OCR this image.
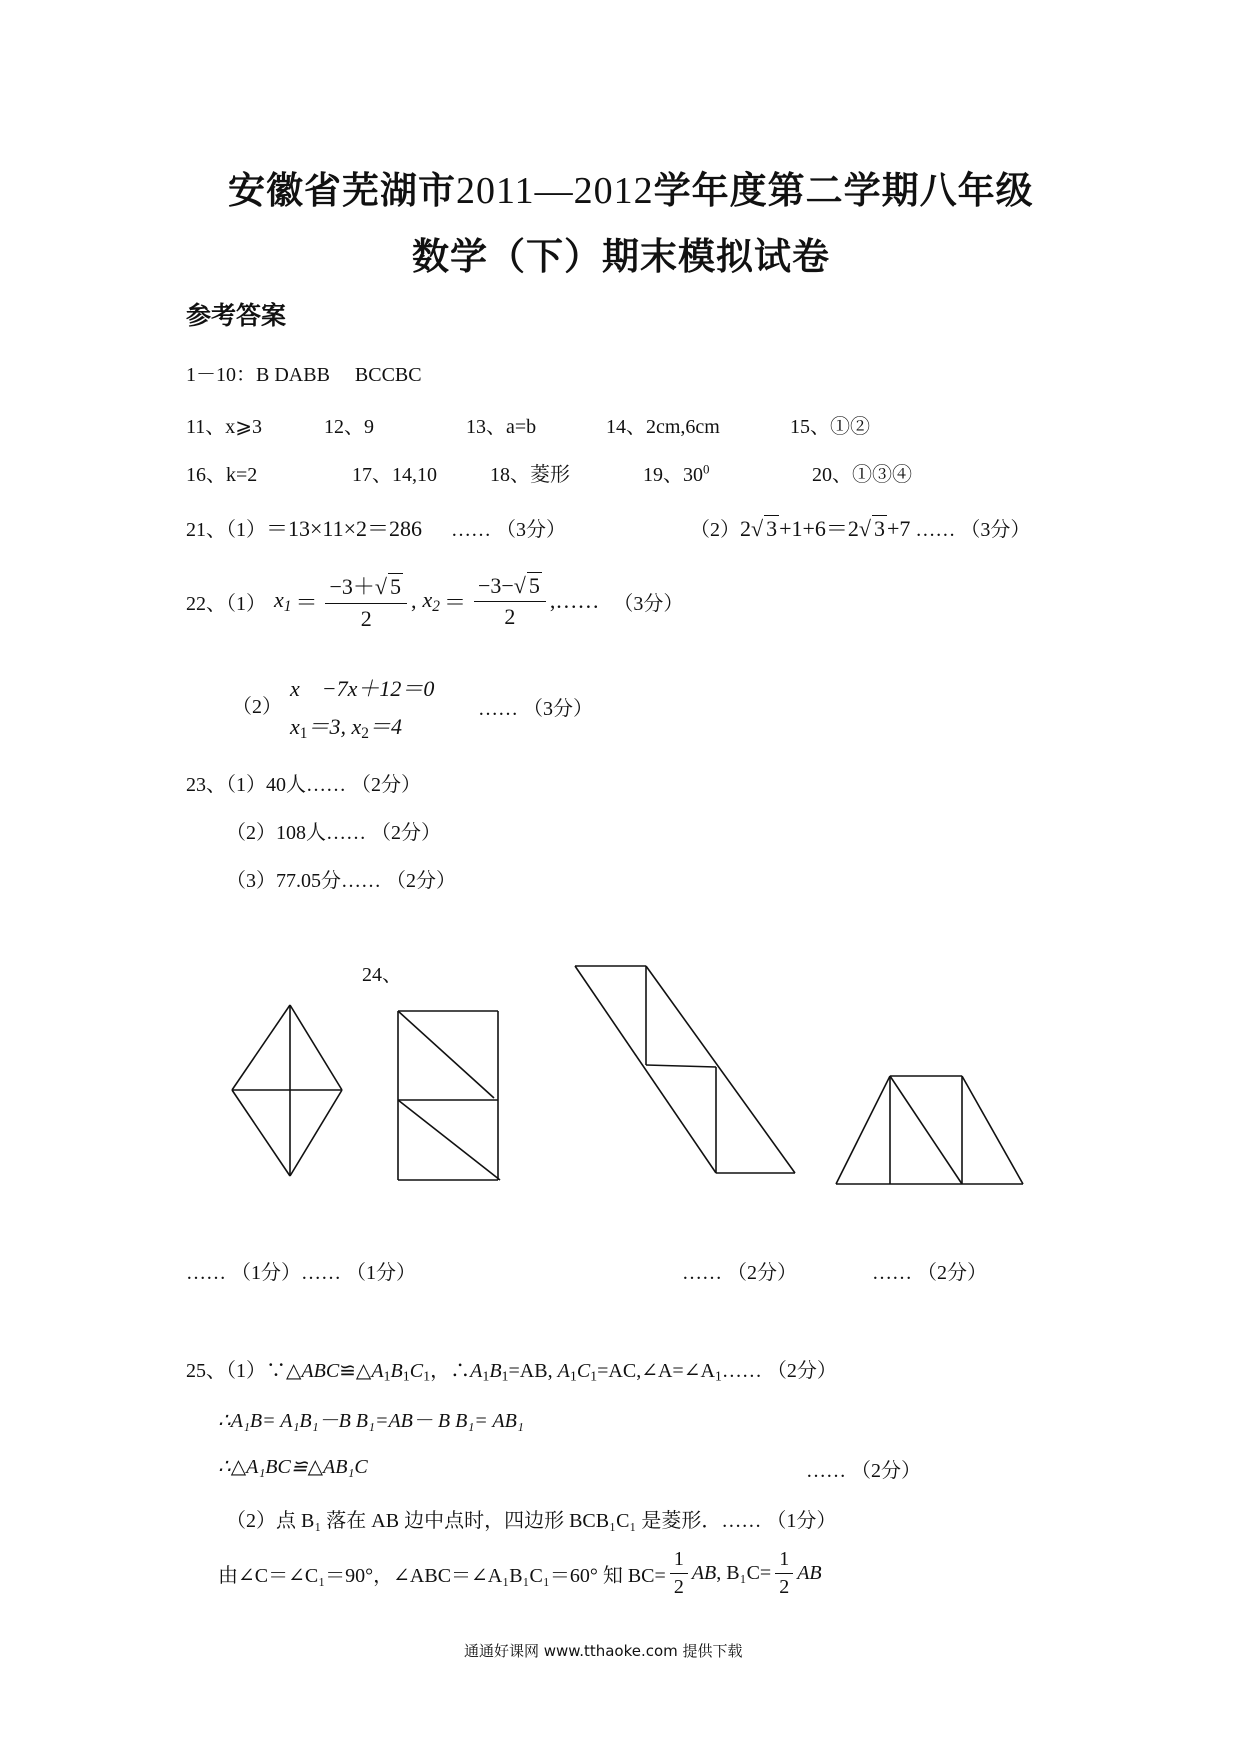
安徽省芜湖市2011—2012学年度第二学期八年级
数学（下）期末模拟试卷
参考答案
1－10：B DABB　 BCCBC
11、x⩾3	12、9	13、a=b	14、2cm,6cm	15、①②
16、k=2	17、14,10	18、菱形	19、$30^0$	20、①③④
21、（1）＝13×11×2＝286 …… （3分）	（2）2√ 3+1+6＝2√ 3+7 …… （3分）
22、（1） $x_1 = \frac{-3+√ 5}{2}$ , $x_2 = \frac{-3-√ 5}{2}$ ,…… （3分）
（2）
x　−7x＋12＝0
$x_1=3$, $x_2=4$
…… （3分）
23、（1）40人…… （2分）
（2）108人…… （2分）
（3）77.05分…… （2分）
24、
…… （1分）…… （1分）	…… （2分）	…… （2分）
25、$(1)\because\triangle ABC≌\triangle A_1B_1C_1$，$\therefore A_1B_1=AB$, $A_1C_1=AC,\angle A=\angle A_1\dots\dots$ （2分）
∴A₁B= A₁B₁－B B₁=AB－ B B₁= AB₁
∴△A₁BC≌△AB₁C	…… （2分）
（2）点 B₁ 落在 AB 边中点时，四边形 BCB₁C₁ 是菱形．…… （1分）
由∠C＝∠C₁＝90°，∠ABC＝∠A₁B₁C₁＝60° 知 $BC= \frac{1}{2}$ AB , $B_1C= \frac{1}{2}$ AB
通通好课网 www.tthaoke.com 提供下载
